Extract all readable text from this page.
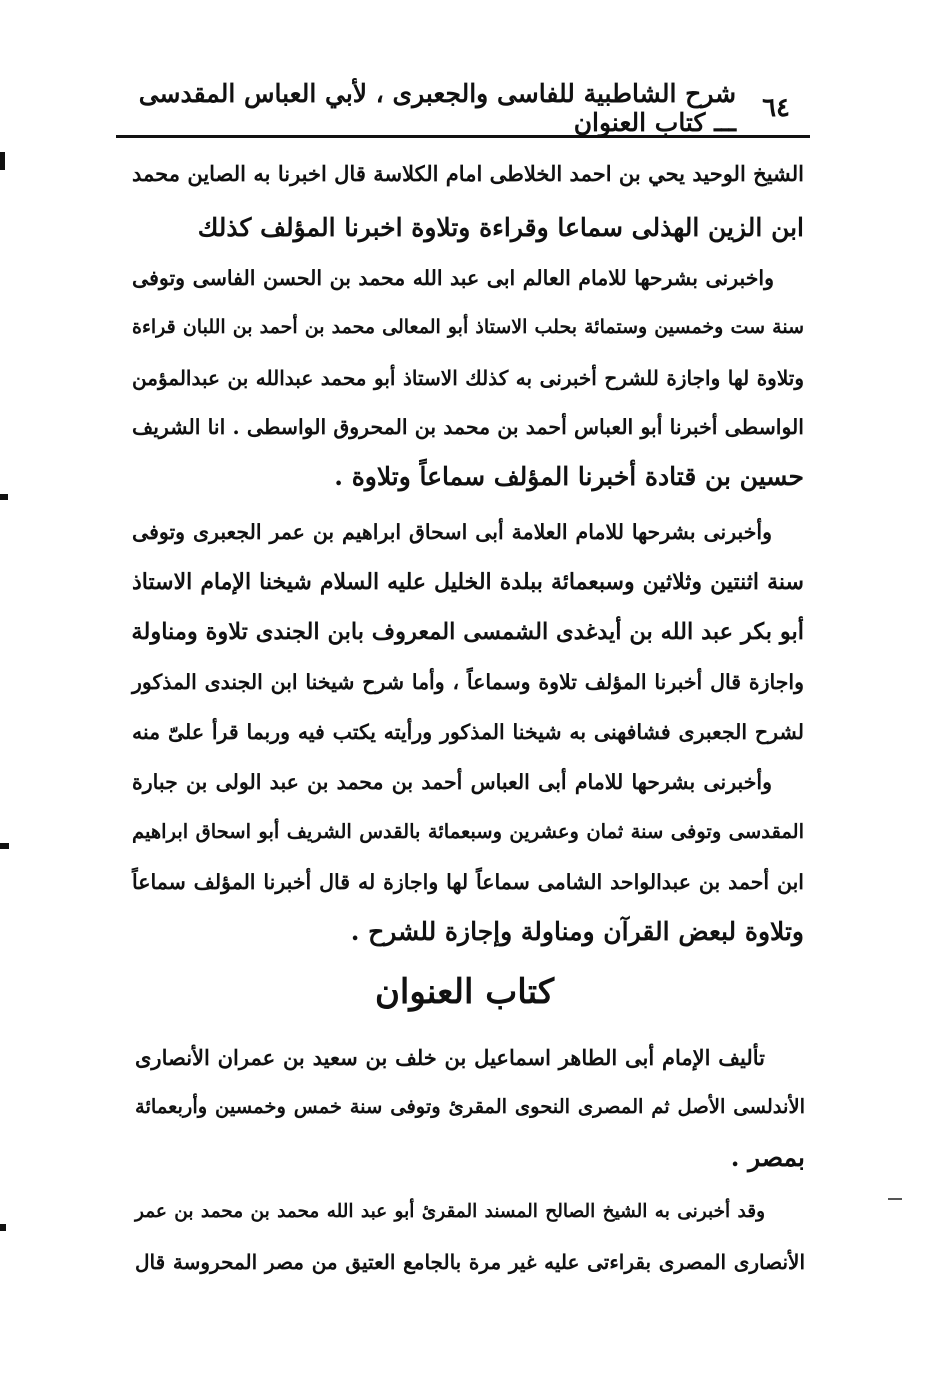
٦٤
شرح الشاطبية للفاسى والجعبرى ، لأبي العباس المقدسى ـــ كتاب العنوان
الشيخ الوحيد يحي بن احمد الخلاطى امام الكلاسة قال اخبرنا به الصاين محمد
ابن الزين الهذلى سماعا وقراءة وتلاوة اخبرنا المؤلف كذلك
واخبرنى بشرحها للامام العالم ابى عبد الله محمد بن الحسن الفاسى وتوفى
سنة ست وخمسين وستمائة بحلب الاستاذ أبو المعالى محمد بن أحمد بن اللبان قراءة
وتلاوة لها واجازة للشرح أخبرنى به كذلك الاستاذ أبو محمد عبدالله بن عبدالمؤمن
الواسطى أخبرنا أبو العباس أحمد بن محمد بن المحروق الواسطى . انا الشريف
حسين بن قتادة أخبرنا المؤلف سماعاً وتلاوة .
وأخبرنى بشرحها للامام العلامة أبى اسحاق ابراهيم بن عمر الجعبرى وتوفى
سنة اثنتين وثلاثين وسبعمائة ببلدة الخليل عليه السلام شيخنا الإمام الاستاذ
أبو بكر عبد الله بن أيدغدى الشمسى المعروف بابن الجندى تلاوة ومناولة
واجازة قال أخبرنا المؤلف تلاوة وسماعاً ، وأما شرح شيخنا ابن الجندى المذكور
لشرح الجعبرى فشافهنى به شيخنا المذكور ورأيته يكتب فيه وربما قرأ علىّ منه
وأخبرنى بشرحها للامام أبى العباس أحمد بن محمد بن عبد الولى بن جبارة
المقدسى وتوفى سنة ثمان وعشرين وسبعمائة بالقدس الشريف أبو اسحاق ابراهيم
ابن أحمد بن عبدالواحد الشامى سماعاً لها واجازة له قال أخبرنا المؤلف سماعاً
وتلاوة لبعض القرآن ومناولة وإجازة للشرح .
كتاب العنوان
تأليف الإمام أبى الطاهر اسماعيل بن خلف بن سعيد بن عمران الأنصارى
الأندلسى الأصل ثم المصرى النحوى المقرئ وتوفى سنة خمس وخمسين وأربعمائة
بمصر .
وقد أخبرنى به الشيخ الصالح المسند المقرئ أبو عبد الله محمد بن محمد بن عمر
الأنصارى المصرى بقراءتى عليه غير مرة بالجامع العتيق من مصر المحروسة قال
